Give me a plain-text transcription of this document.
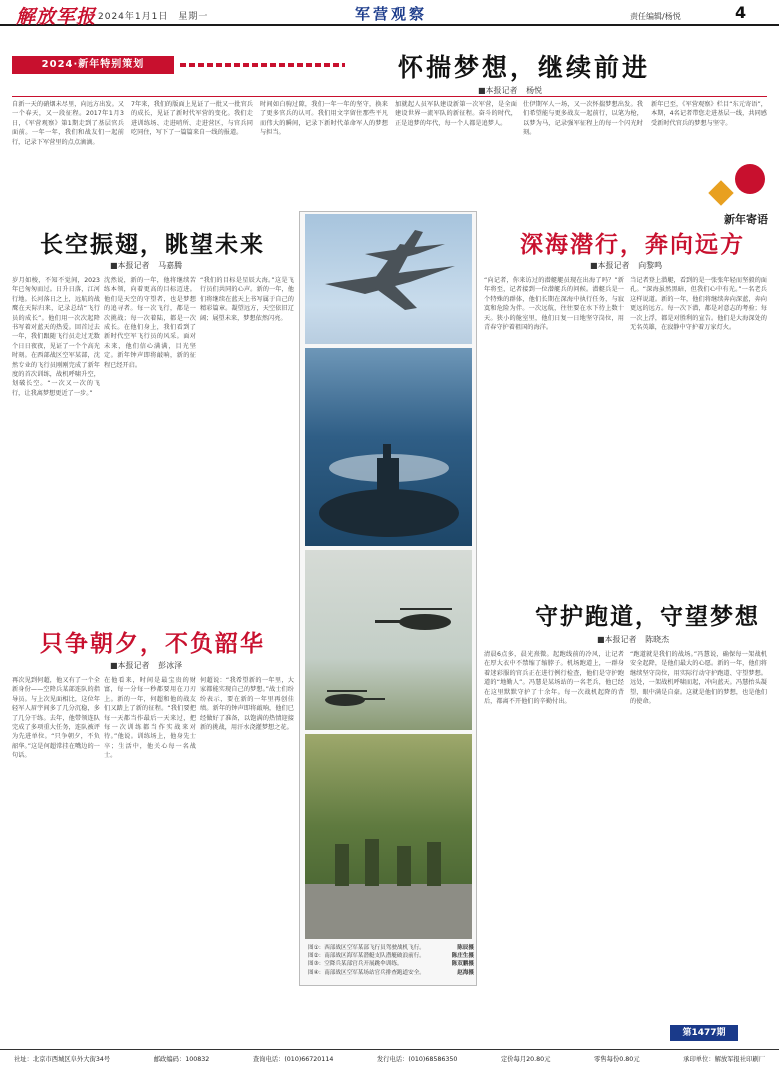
解放军报 2024年1月1日　星期一	军营观察	责任编辑/杨悦	4
2024·新年特别策划	怀揣梦想，继续前进
■本报记者 杨悦
自新一天的硝烟未尽里，向远方出发。又一个春天，又一段征程。2017年1月3日，《军营观察》第1期走到了基层官兵面前。一年一年，我们和战友们一起前行，记录下军营里的点点滴滴。
7年来，我们的版面上见证了一批又一批官兵的成长，见证了新时代军营的变化。我们走进训练场、走进哨所、走进营区，与官兵同吃同住，写下了一篇篇来自一线的报道。
时间如白驹过隙，我们一年一年的坚守，换来了更多官兵的认可。我们用文字留住那些平凡而伟大的瞬间，记录下新时代革命军人的梦想与担当。
加就起人员军队建设新第一次军营，是全面建设世界一流军队的新征程。奋斗的时代，正是追梦的年代，每一个人都是追梦人。
仕伊期军人一场，又一次怀揣梦想出发。我们希望能与更多战友一起前行，以笔为枪，以梦为马，记录强军征程上的每一个闪光时刻。
新年已至，《军营观察》栏目“东元寄语”，本期，4名记者带您走进基层一线，共同感受新时代官兵的梦想与坚守。
新年寄语
长空振翅，眺望未来
■本报记者 马嘉腾
岁月如梭，不知不觉间，2023年已匆匆而过。日升日落，江河行地。长河落日之上，远航的战鹰在天际归来，记录总结“飞行员的成长”。他们用一次次起降书写着对蓝天的热爱。回首过去一年，我们跟随飞行员走过无数个日日夜夜，见证了一个个高光时刻。在西部战区空军某部，沈然专业的飞行员刚刚完成了新年度的首次训练，战机呼啸升空，划破长空。“一次又一次的飞行，让我离梦想更近了一步。”
沈然说，新的一年，他将继续苦练本领，向着更高的目标迈进。他们是天空的守望者，也是梦想的追寻者。每一次飞行，都是一次挑战；每一次着陆，都是一次成长。在他们身上，我们看到了新时代空军飞行员的风采。面对未来，他们信心满满，目光坚定。新年钟声即将敲响，新的征程已经开启。
“我们的目标是星辰大海。”这是飞行员们共同的心声。新的一年，他们将继续在蓝天上书写属于自己的精彩篇章。凝望远方，天空依旧辽阔；展望未来，梦想依然闪亮。
深海潜行，奔向远方
■本报记者 向黎鸣
“向记者，你来访过的潜艇艇员现在出海了吗？”新年将至，记者接到一位潜艇兵的问候。潜艇兵是一个特殊的群体，他们长期在深海中执行任务，与寂寞和危险为伴。一次远航，往往要在水下待上数十天。狭小的舱室里，他们日复一日地坚守岗位，用青春守护着祖国的海洋。
当记者登上潜艇，看到的是一张张年轻而坚毅的面孔。“深海虽然黑暗，但我们心中有光。”一名老兵这样说道。新的一年，他们将继续奔向深蓝，奔向更远的远方。每一次下潜，都是对意志的考验；每一次上浮，都是对胜利的宣告。他们是大海深处的无名英雄，在寂静中守护着万家灯火。
只争朝夕，不负韶华
■本报记者 彭冰泽
再次见到何超，他又有了一个全新身份——空降兵某部连队的指导员。与上次见面相比，这位年轻军人眉宇间多了几分沉稳，多了几分干练。去年，他带领连队完成了多项重大任务，连队被评为先进单位。“只争朝夕，不负韶华。”这是何超常挂在嘴边的一句话。
在他看来，时间是最宝贵的财富，每一分每一秒都要用在刀刃上。新的一年，何超和他的战友们又踏上了新的征程。“我们要把每一天都当作最后一天来过，把每一次训练都当作实战来对待。”他说。训练场上，他身先士卒；生活中，他关心每一名战士。
何超说：“我希望新的一年里，大家都能实现自己的梦想。”战士们纷纷表示，要在新的一年里再创佳绩。新年的钟声即将敲响，他们已经做好了准备，以饱满的热情迎接新的挑战，用汗水浇灌梦想之花。
守护跑道，守望梦想
■本报记者 陈晓杰
清晨6点多，晨光熹微。起跑线前的冷风，让记者在厚大衣中不禁缩了缩脖子。机场跑道上，一群身着迷彩服的官兵正在进行例行检查，他们是守护跑道的“地勤人”。冯慧是某场站的一名老兵，他已经在这里默默守护了十余年。每一次战机起降的背后，都离不开他们的辛勤付出。
“跑道就是我们的战场。”冯慧说，确保每一架战机安全起降，是他们最大的心愿。新的一年，他们将继续坚守岗位，用实际行动守护跑道、守望梦想。远处，一架战机呼啸而起，冲向蓝天。冯慧抬头凝望，眼中满是自豪。这就是他们的梦想，也是他们的使命。
图①：西部战区空军某部飞行员驾驶战机飞行。	陈辰摄
图②：南部战区海军某潜艇支队潜艇破浪前行。	陈庄生摄
图③：空降兵某部官兵开展跳伞训练。	陈双鹏摄
图④：南部战区空军某场站官兵排查跑道安全。	赵海摄
第1477期
社址：北京市西城区阜外大街34号	邮政编码：100832	查询电话：(010)66720114	发行电话：(010)68586350	定价每月20.80元	零售每份0.80元	承印单位：解放军报社印刷厂
